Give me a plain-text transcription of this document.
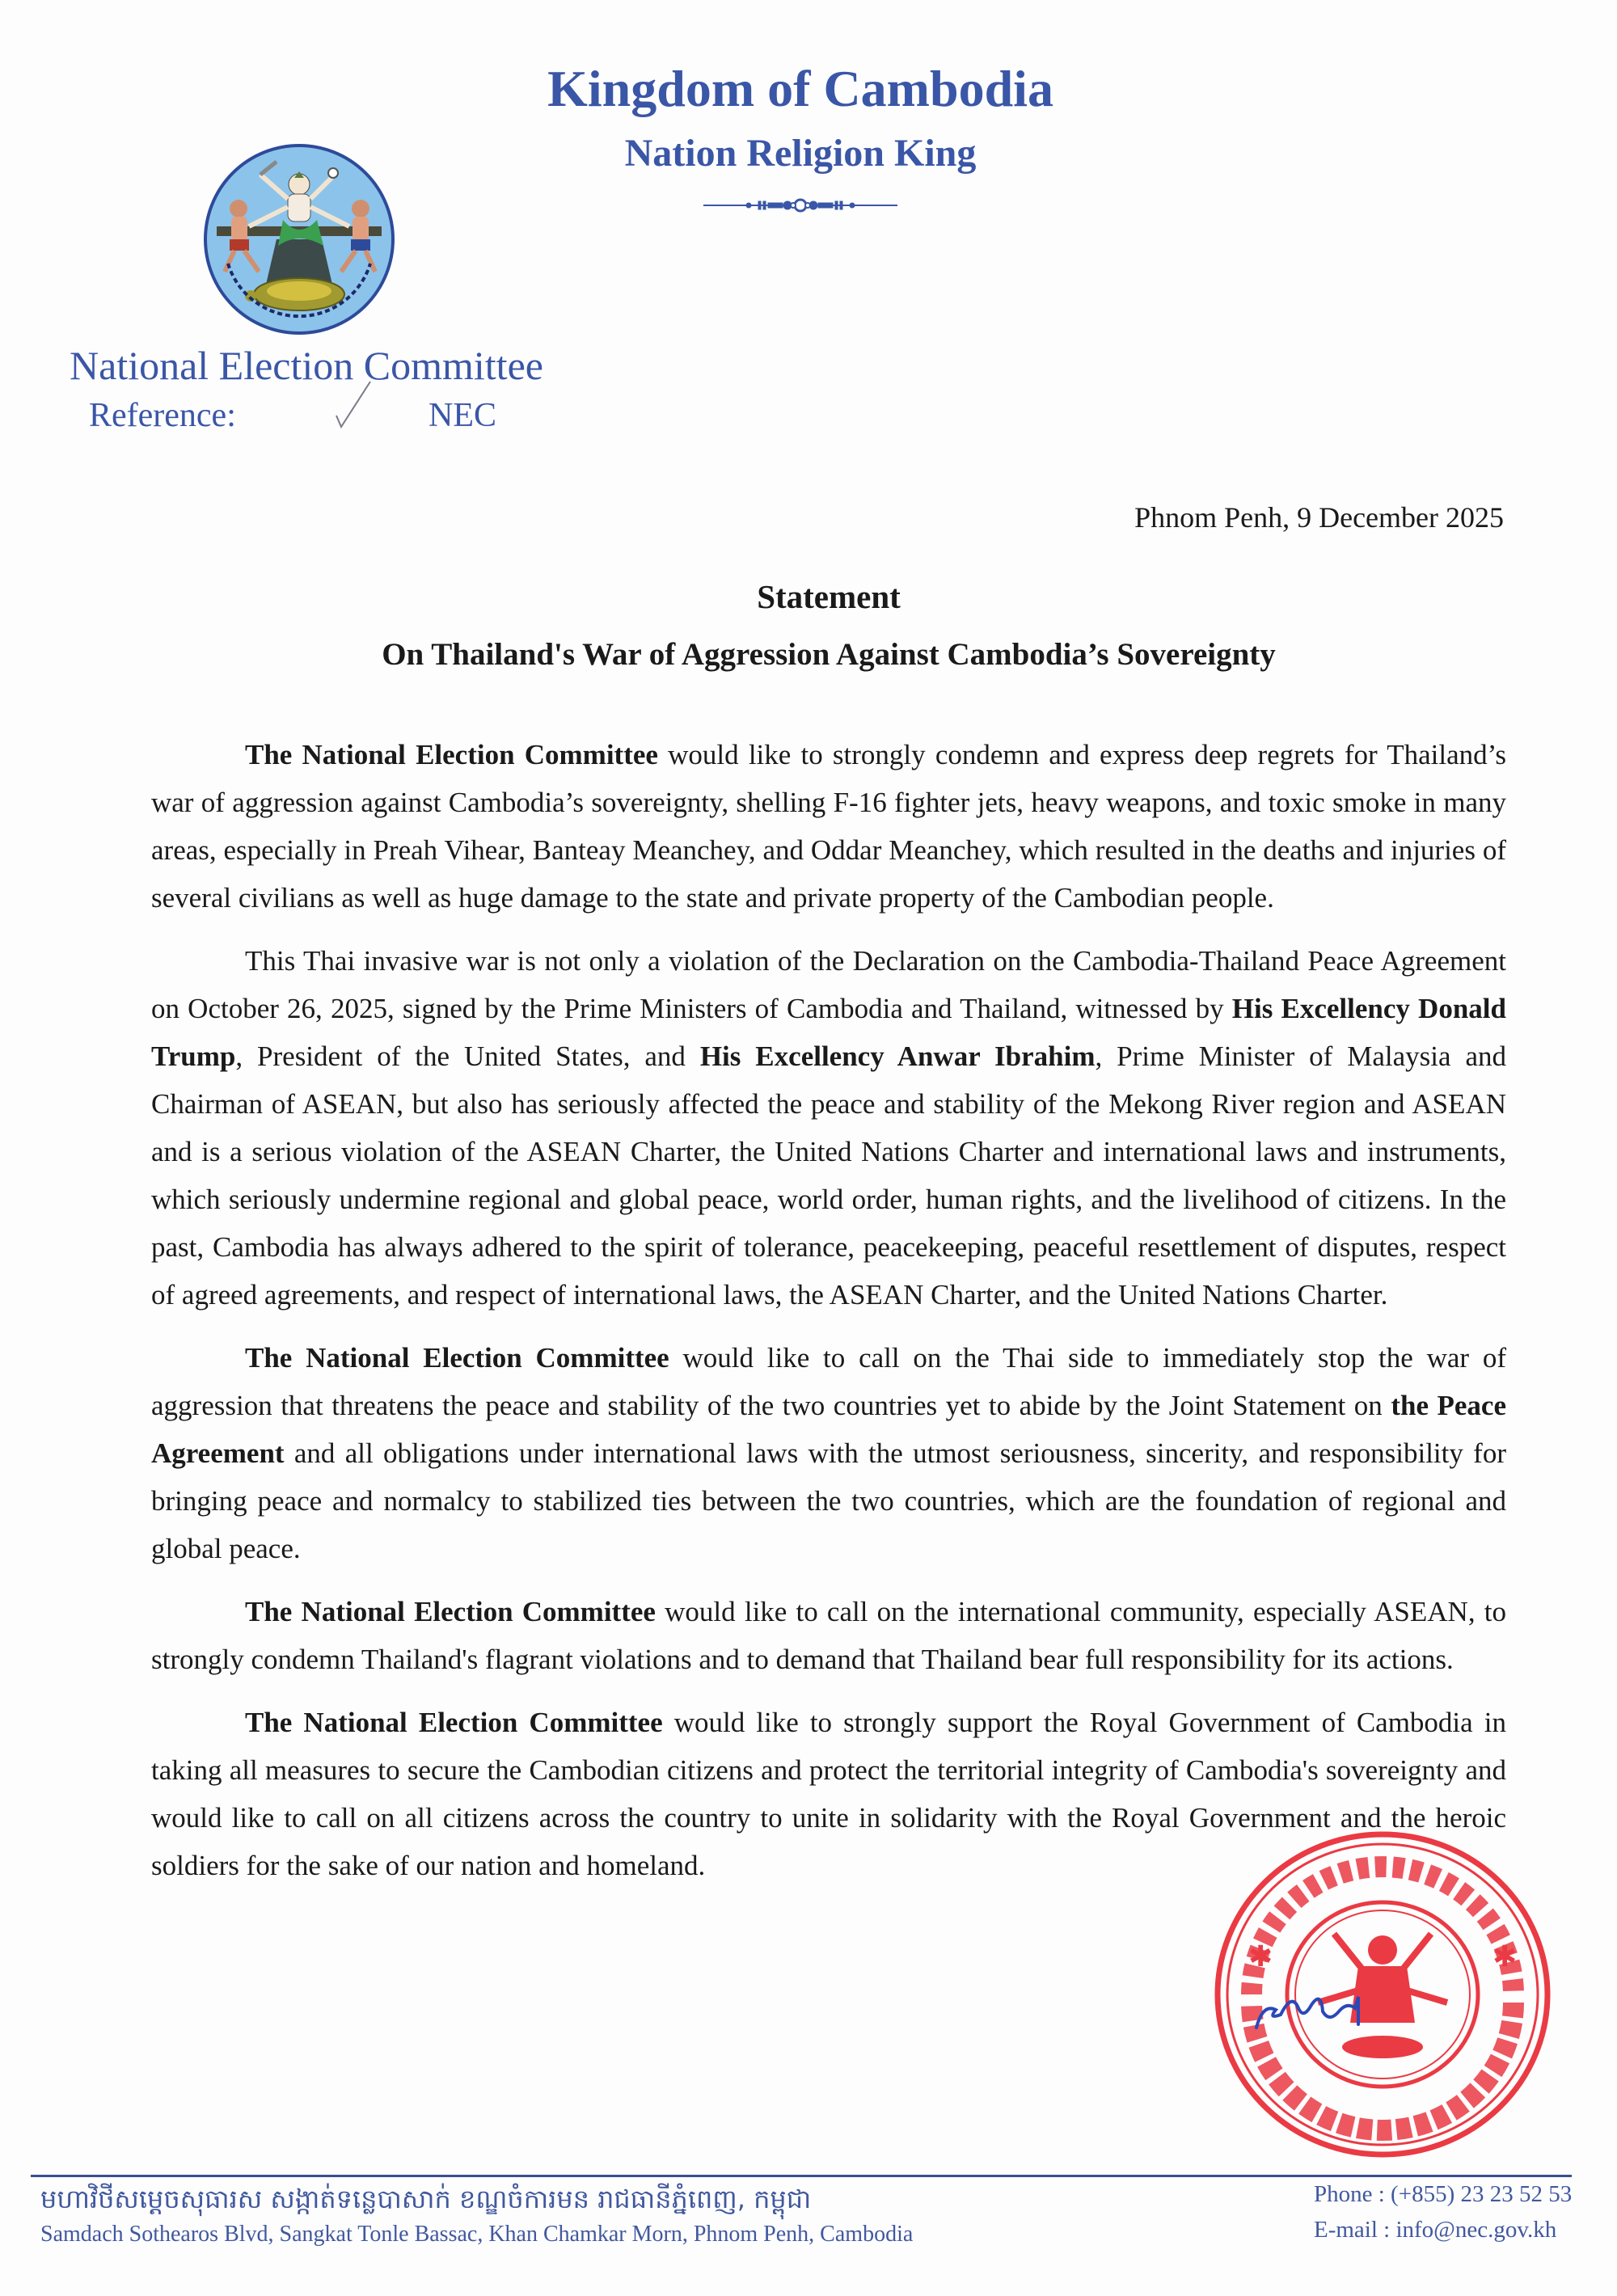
Kingdom of Cambodia
Nation Religion King
National Election Committee
Reference:	NEC
Phnom Penh, 9 December 2025
Statement
On Thailand's War of Aggression Against Cambodia’s Sovereignty

The National Election Committee would like to strongly condemn and express deep regrets for Thailand’s war of aggression against Cambodia’s sovereignty, shelling F-16 fighter jets, heavy weapons, and toxic smoke in many areas, especially in Preah Vihear, Banteay Meanchey, and Oddar Meanchey, which resulted in the deaths and injuries of several civilians as well as huge damage to the state and private property of the Cambodian people.

This Thai invasive war is not only a violation of the Declaration on the Cambodia-Thailand Peace Agreement on October 26, 2025, signed by the Prime Ministers of Cambodia and Thailand, witnessed by His Excellency Donald Trump, President of the United States, and His Excellency Anwar Ibrahim, Prime Minister of Malaysia and Chairman of ASEAN, but also has seriously affected the peace and stability of the Mekong River region and ASEAN and is a serious violation of the ASEAN Charter, the United Nations Charter and international laws and instruments, which seriously undermine regional and global peace, world order, human rights, and the livelihood of citizens. In the past, Cambodia has always adhered to the spirit of tolerance, peacekeeping, peaceful resettlement of disputes, respect of agreed agreements, and respect of international laws, the ASEAN Charter, and the United Nations Charter.

The National Election Committee would like to call on the Thai side to immediately stop the war of aggression that threatens the peace and stability of the two countries yet to abide by the Joint Statement on the Peace Agreement and all obligations under international laws with the utmost seriousness, sincerity, and responsibility for bringing peace and normalcy to stabilized ties between the two countries, which are the foundation of regional and global peace.

The National Election Committee would like to call on the international community, especially ASEAN, to strongly condemn Thailand's flagrant violations and to demand that Thailand bear full responsibility for its actions.

The National Election Committee would like to strongly support the Royal Government of Cambodia in taking all measures to secure the Cambodian citizens and protect the territorial integrity of Cambodia's sovereignty and would like to call on all citizens across the country to unite in solidarity with the Royal Government and the heroic soldiers for the sake of our nation and homeland.

✱	✱
មហាវិថីសម្តេចសុធារស សង្កាត់ទន្លេបាសាក់ ខណ្ឌចំការមន រាជធានីភ្នំពេញ, កម្ពុជា
Samdach Sothearos Blvd, Sangkat Tonle Bassac, Khan Chamkar Morn, Phnom Penh, Cambodia
Phone : (+855) 23 23 52 53
E-mail : info@nec.gov.kh
